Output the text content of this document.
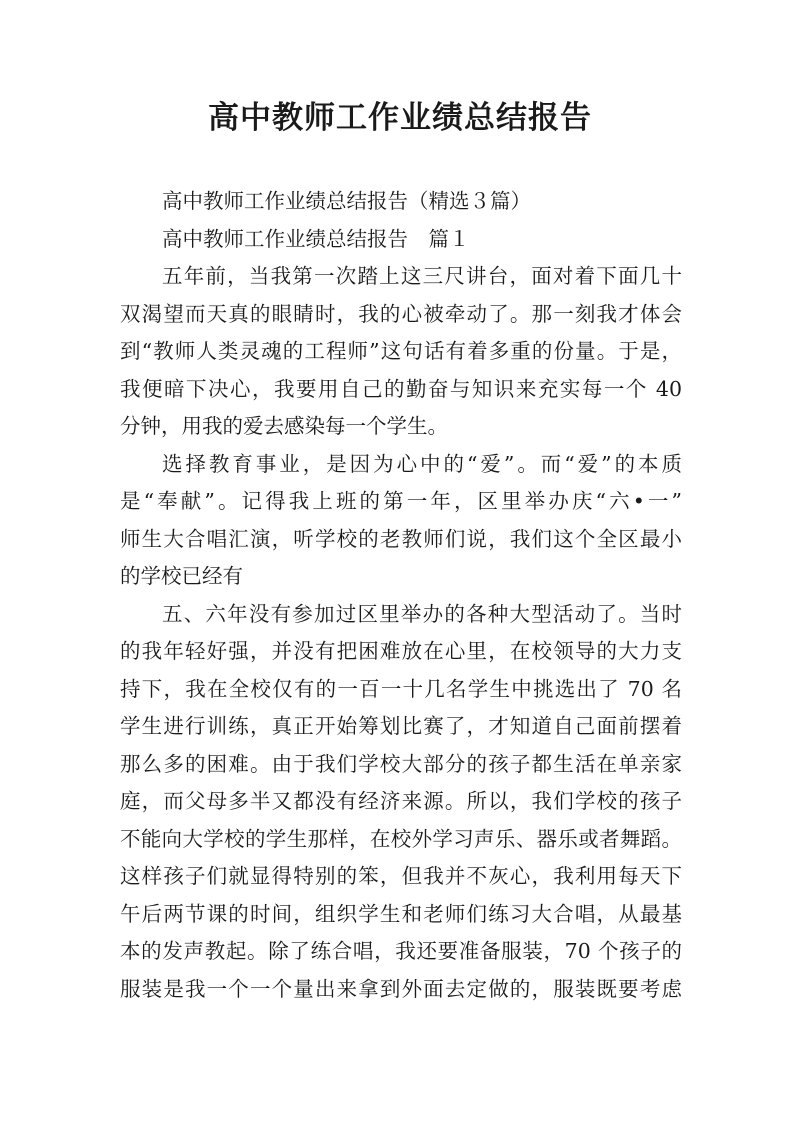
高中教师工作业绩总结报告

高中教师工作业绩总结报告（精选３篇）

高中教师工作业绩总结报告　篇１

五年前，当我第一次踏上这三尺讲台，面对着下面几十

双渴望而天真的眼睛时，我的心被牵动了。那一刻我才体会

到“教师人类灵魂的工程师”这句话有着多重的份量。于是，

我便暗下决心，我要用自己的勤奋与知识来充实每一个 40

分钟，用我的爱去感染每一个学生。

选择教育事业，是因为心中的“爱”。而“爱”的本质

是“奉献”。记得我上班的第一年，区里举办庆“六•一”

师生大合唱汇演，听学校的老教师们说，我们这个全区最小

的学校已经有

五、六年没有参加过区里举办的各种大型活动了。当时

的我年轻好强，并没有把困难放在心里，在校领导的大力支

持下，我在全校仅有的一百一十几名学生中挑选出了 70 名

学生进行训练，真正开始筹划比赛了，才知道自己面前摆着

那么多的困难。由于我们学校大部分的孩子都生活在单亲家

庭，而父母多半又都没有经济来源。所以，我们学校的孩子

不能向大学校的学生那样，在校外学习声乐、器乐或者舞蹈。

这样孩子们就显得特别的笨，但我并不灰心，我利用每天下

午后两节课的时间，组织学生和老师们练习大合唱，从最基

本的发声教起。除了练合唱，我还要准备服装，70 个孩子的

服装是我一个一个量出来拿到外面去定做的，服装既要考虑
